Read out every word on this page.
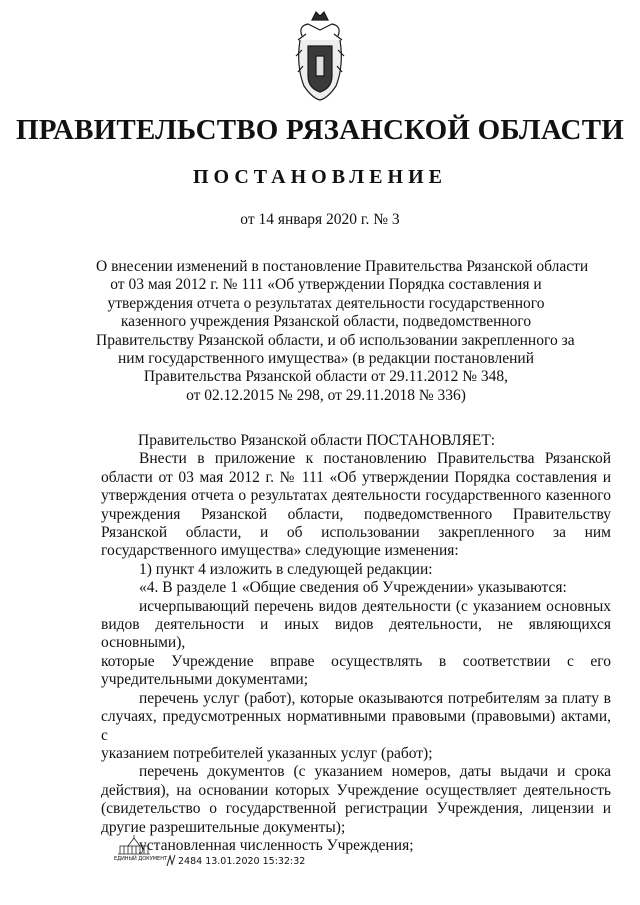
ПРАВИТЕЛЬСТВО РЯЗАНСКОЙ ОБЛАСТИ
ПОСТАНОВЛЕНИЕ
от 14 января 2020 г. № 3
О внесении изменений в постановление Правительства Рязанской области
от 03 мая 2012 г. № 111 «Об утверждении Порядка составления и
утверждения отчета о результатах деятельности государственного
казенного учреждения Рязанской области, подведомственного
Правительству Рязанской области, и об использовании закрепленного за
ним государственного имущества» (в редакции постановлений
Правительства Рязанской области от 29.11.2012 № 348,
от 02.12.2015 № 298, от 29.11.2018 № 336)
Правительство Рязанской области ПОСТАНОВЛЯЕТ:
Внести в приложение к постановлению Правительства Рязанской
области от 03 мая 2012 г. № 111 «Об утверждении Порядка составления и
утверждения отчета о результатах деятельности государственного казенного
учреждения Рязанской области, подведомственного Правительству
Рязанской области, и об использовании закрепленного за ним
государственного имущества» следующие изменения:
1) пункт 4 изложить в следующей редакции:
«4. В разделе 1 «Общие сведения об Учреждении» указываются:
исчерпывающий перечень видов деятельности (с указанием основных
видов деятельности и иных видов деятельности, не являющихся основными),
которые Учреждение вправе осуществлять в соответствии с его
учредительными документами;
перечень услуг (работ), которые оказываются потребителям за плату в
случаях, предусмотренных нормативными правовыми (правовыми) актами, с
указанием потребителей указанных услуг (работ);
перечень документов (с указанием номеров, даты выдачи и срока
действия), на основании которых Учреждение осуществляет деятельность
(свидетельство о государственной регистрации Учреждения, лицензии и
другие разрешительные документы);
установленная численность Учреждения;
ЕДИНЫЙ ДОКУМЕНТ 2484 13.01.2020 15:32:32
